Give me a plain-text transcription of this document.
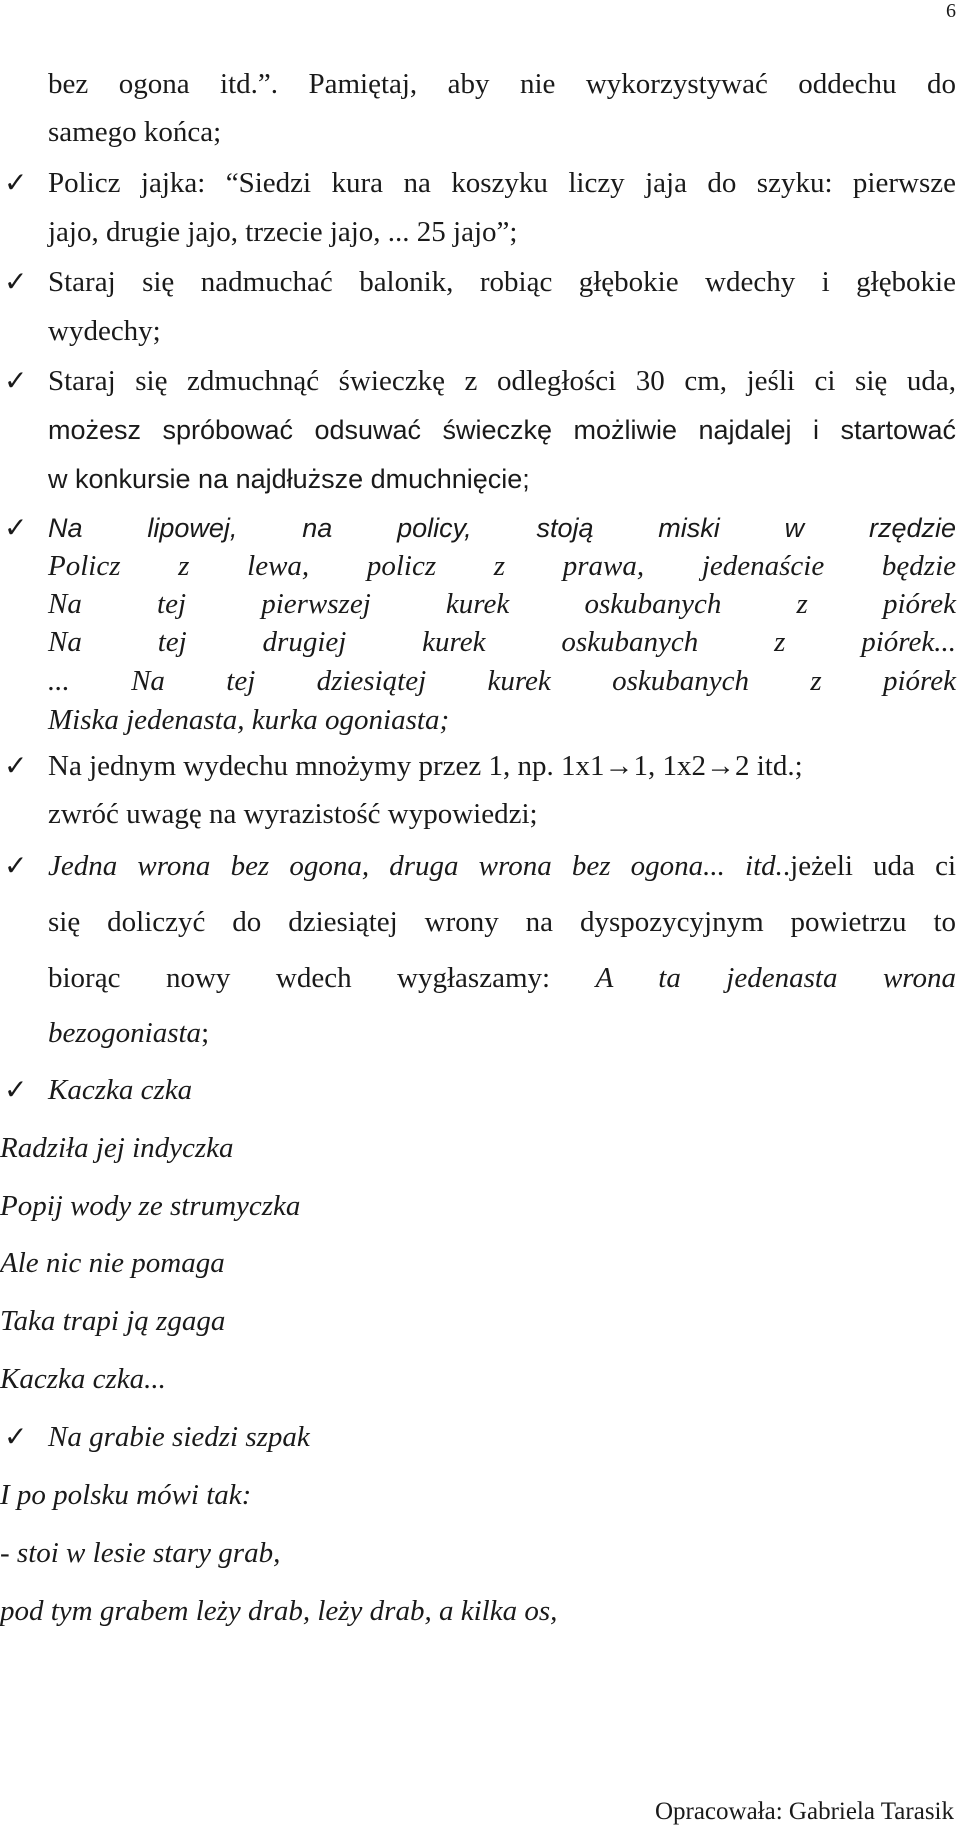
6
bez ogona itd.”. Pamiętaj, aby nie wykorzystywać oddechu do
samego końca;
✓ Policz jajka: “Siedzi kura na koszyku liczy jaja do szyku: pierwsze
jajo, drugie jajo, trzecie jajo, ... 25 jajo”;
✓ Staraj się nadmuchać balonik, robiąc głębokie wdechy i głębokie
wydechy;
✓ Staraj się zdmuchnąć świeczkę z odległości 30 cm, jeśli ci się uda,
możesz spróbować odsuwać świeczkę możliwie najdalej i startować
w konkursie na najdłuższe dmuchnięcie;
✓ Na lipowej, na policy, stoją miski w rzędzie
Policz z lewa, policz z prawa, jedenaście będzie
Na tej pierwszej kurek oskubanych z piórek
Na tej drugiej kurek oskubanych z piórek...
... Na tej dziesiątej kurek oskubanych z piórek
Miska jedenasta, kurka ogoniasta;
✓ Na jednym wydechu mnożymy przez 1, np. 1x1→1, 1x2→2 itd.;
zwróć uwagę na wyrazistość wypowiedzi;
✓ Jedna wrona bez ogona, druga wrona bez ogona... itd..jeżeli uda ci
się doliczyć do dziesiątej wrony na dyspozycyjnym powietrzu to
biorąc nowy wdech wygłaszamy: A ta jedenasta wrona
bezogoniasta;
✓ Kaczka czka
Radziła jej indyczka
Popij wody ze strumyczka
Ale nic nie pomaga
Taka trapi ją zgaga
Kaczka czka...
✓ Na grabie siedzi szpak
I po polsku mówi tak:
- stoi w lesie stary grab,
pod tym grabem leży drab, leży drab, a kilka os,
Opracowała: Gabriela Tarasik
